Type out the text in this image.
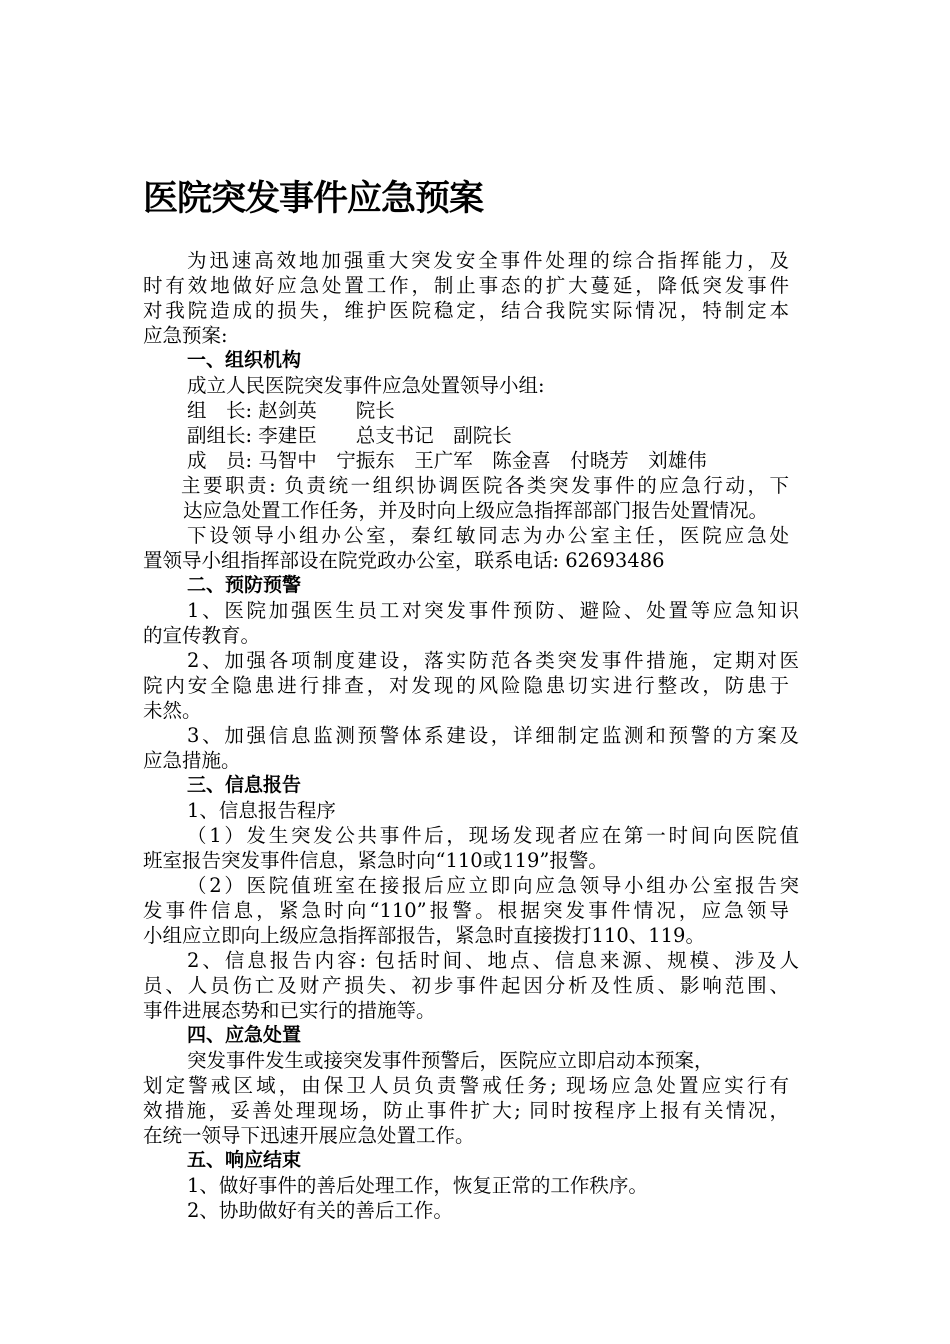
医院突发事件应急预案
为迅速高效地加强重大突发安全事件处理的综合指挥能力，及
时有效地做好应急处置工作，制止事态的扩大蔓延，降低突发事件
对我院造成的损失，维护医院稳定，结合我院实际情况，特制定本
应急预案:
一、组织机构
成立人民医院突发事件应急处置领导小组:
组　长: 赵剑英　　院长
副组长: 李建臣　　总支书记　副院长
成　员: 马智中　宁振东　王广军　陈金喜　付晓芳　刘雄伟
主要职责: 负责统一组织协调医院各类突发事件的应急行动，下
达应急处置工作任务，并及时向上级应急指挥部部门报告处置情况。
下设领导小组办公室，秦红敏同志为办公室主任，医院应急处
置领导小组指挥部设在院党政办公室，联系电话: 62693486
二、预防预警
1、医院加强医生员工对突发事件预防、避险、处置等应急知识
的宣传教育。
2、加强各项制度建设，落实防范各类突发事件措施，定期对医
院内安全隐患进行排查，对发现的风险隐患切实进行整改，防患于
未然。
3、加强信息监测预警体系建设，详细制定监测和预警的方案及
应急措施。
三、信息报告
1、信息报告程序
（1）发生突发公共事件后，现场发现者应在第一时间向医院值
班室报告突发事件信息，紧急时向“110或119”报警。
（2）医院值班室在接报后应立即向应急领导小组办公室报告突
发事件信息，紧急时向“110”报警。根据突发事件情况，应急领导
小组应立即向上级应急指挥部报告，紧急时直接拨打110、119。
2、信息报告内容: 包括时间、地点、信息来源、规模、涉及人
员、人员伤亡及财产损失、初步事件起因分析及性质、影响范围、
事件进展态势和已实行的措施等。
四、应急处置
突发事件发生或接突发事件预警后，医院应立即启动本预案，
划定警戒区域，由保卫人员负责警戒任务; 现场应急处置应实行有
效措施，妥善处理现场，防止事件扩大; 同时按程序上报有关情况，
在统一领导下迅速开展应急处置工作。
五、响应结束
1、做好事件的善后处理工作，恢复正常的工作秩序。
2、协助做好有关的善后工作。
